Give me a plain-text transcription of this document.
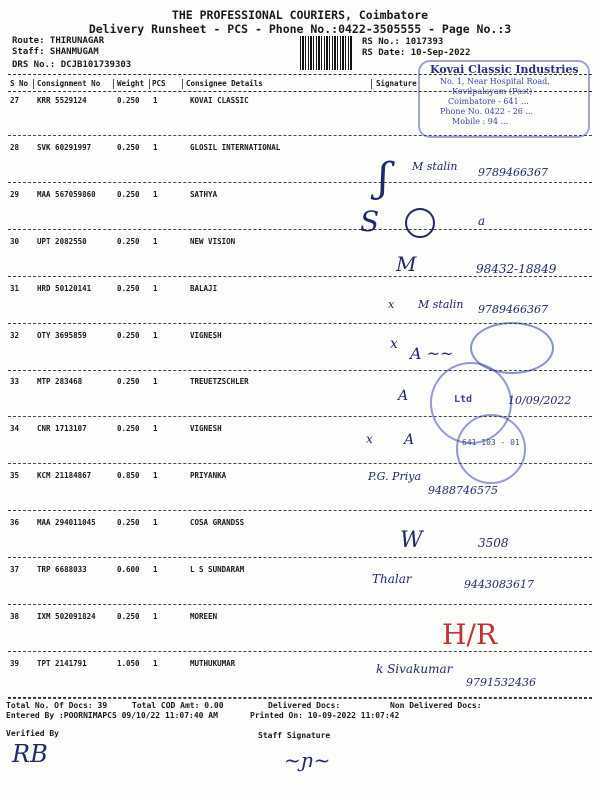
THE PROFESSIONAL COURIERS, Coimbatore
Delivery Runsheet - PCS - Phone No.:0422-3505555 - Page No.:3
Route: THIRUNAGAR
Staff: SHANMUGAM
DRS No.: DCJB101739303
RS No.: 1017393
RS Date: 10-Sep-2022
S No Consignment No Weight PCS	Consignee Details	Signature
27 KRR 5529124	0.250 1	KOVAI CLASSIC
28 SVK 60291997	0.250 1	GLOSIL INTERNATIONAL
29 MAA 567059860	0.250 1	SATHYA
30 UPT 2082550	0.250 1	NEW VISION
31 HRD 50120141	0.250 1	BALAJI
32 OTY 3695859	0.250 1	VIGNESH
33 MTP 283468	0.250 1	TREUETZSCHLER
34 CNR 1713107	0.250 1	VIGNESH
35 KCM 21184867	0.850 1	PRIYANKA
36 MAA 294011045	0.250 1	COSA GRANDSS
37 TRP 6688033	0.600 1	L S SUNDARAM
38 IXM 502091824	0.250 1	MOREEN
39 TPT 2141791	1.050 1	MUTHUKUMAR
Kovai Classic Industries
No. 1, Near Hospital Road,
Kovilpalayam (Post)
Coimbatore - 641 ...
Phone No. 0422 - 26 ...
Mobile : 94 ...
M stalin 9789466367
ʃ
S	a
M	98432-18849
x M stalin 9789466367
x A ~~
Ltd	10/09/2022
A
641 103 - 01
x A
P.G. Priya
9488746575
W	3508
Thalar	9443083617
H/R
k Sivakumar
9791532436
Total No. Of Docs: 39	Total COD Amt: 0.00	Delivered Docs:	Non Delivered Docs:
Entered By :POORNIMAPCS 09/10/22 11:07:40 AM	Printed On: 10-09-2022 11:07:42
Verified By	Staff Signature
RB	~ɲ~
